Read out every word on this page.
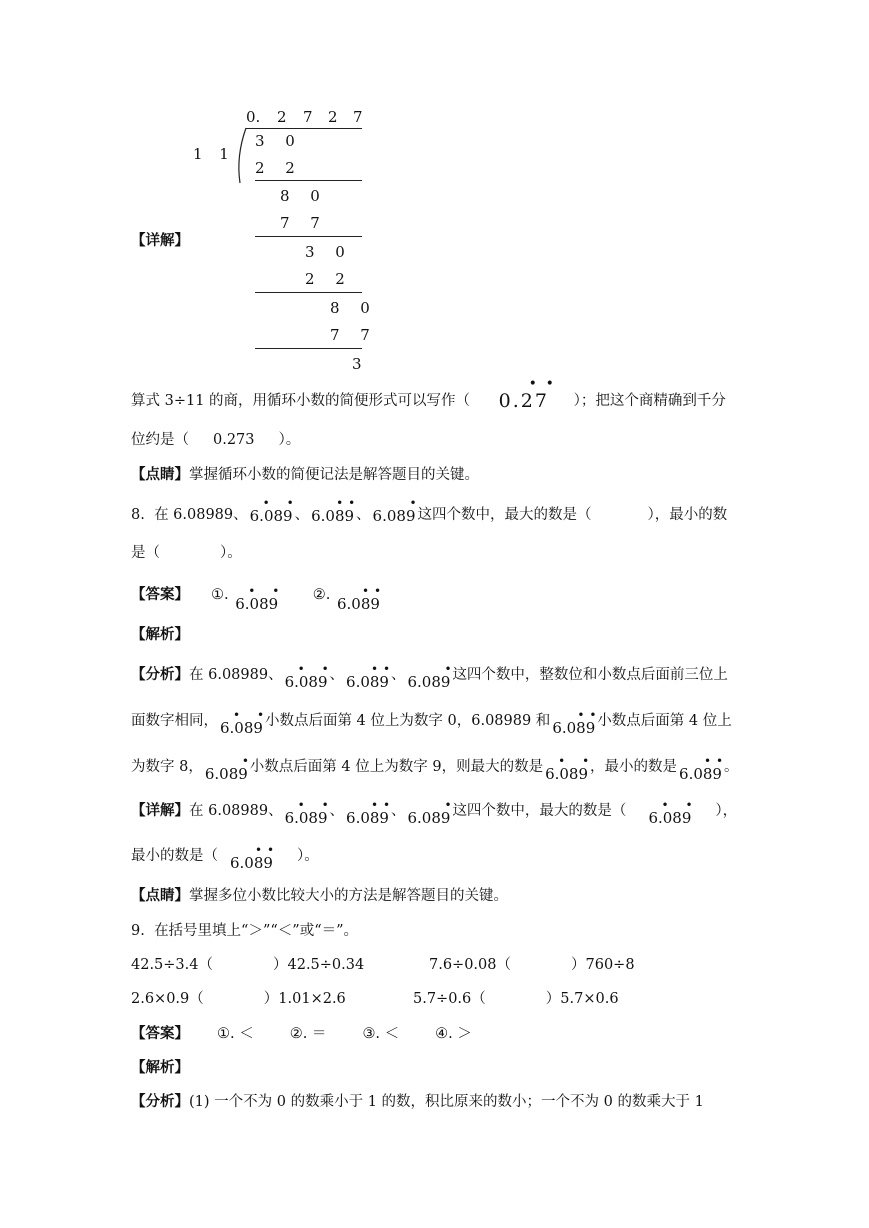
0. 2 7 2 7
1 1
3 0
2 2
8 0
7 7
3 0
2 2
8 0
7 7
3
【详解】
算式 3÷11 的商，用循环小数的简便形式可以写作（ 0.27
• •
）；把这个商精确到千分
位约是（ 0.273 ）。
【点睛】掌握循环小数的简便记法是解答题目的关键。
8. 在 6.08989、 6.089
• •
、 6.089
• •
、 6.089
•
这四个数中，最大的数是（	），最小的数
是（	）。
【答案】 ①. 6.089
• • ②. 6.089
• •
【解析】
【分析】在 6.08989、 6.089
• • 、 6.089
• • 、 6.089
• 这四个数中，整数位和小数点后面前三位上
面数字相同， 6.089
• • 小数点后面第 4 位上为数字 0，6.08989 和 6.089
• • 小数点后面第 4 位上
为数字 8， 6.089
• 小数点后面第 4 位上为数字 9，则最大的数是 6.089
• • ，最小的数是 6.089
• • 。
【详解】在 6.08989、 6.089
• • 、 6.089
• • 、 6.089
• 这四个数中，最大的数是（ 6.089
• • ），
最小的数是（ 6.089
• • ）。
【点睛】掌握多位小数比较大小的方法是解答题目的关键。
9. 在括号里填上“＞”“＜”或“＝”。
42.5÷3.4（	）42.5÷0.34	7.6÷0.08（	）760÷8
2.6×0.9（	）1.01×2.6	5.7÷0.6（	）5.7×0.6
【答案】 ①. ＜ ②. ＝ ③. ＜ ④. ＞
【解析】
【分析】(1) 一个不为 0 的数乘小于 1 的数，积比原来的数小；一个不为 0 的数乘大于 1
